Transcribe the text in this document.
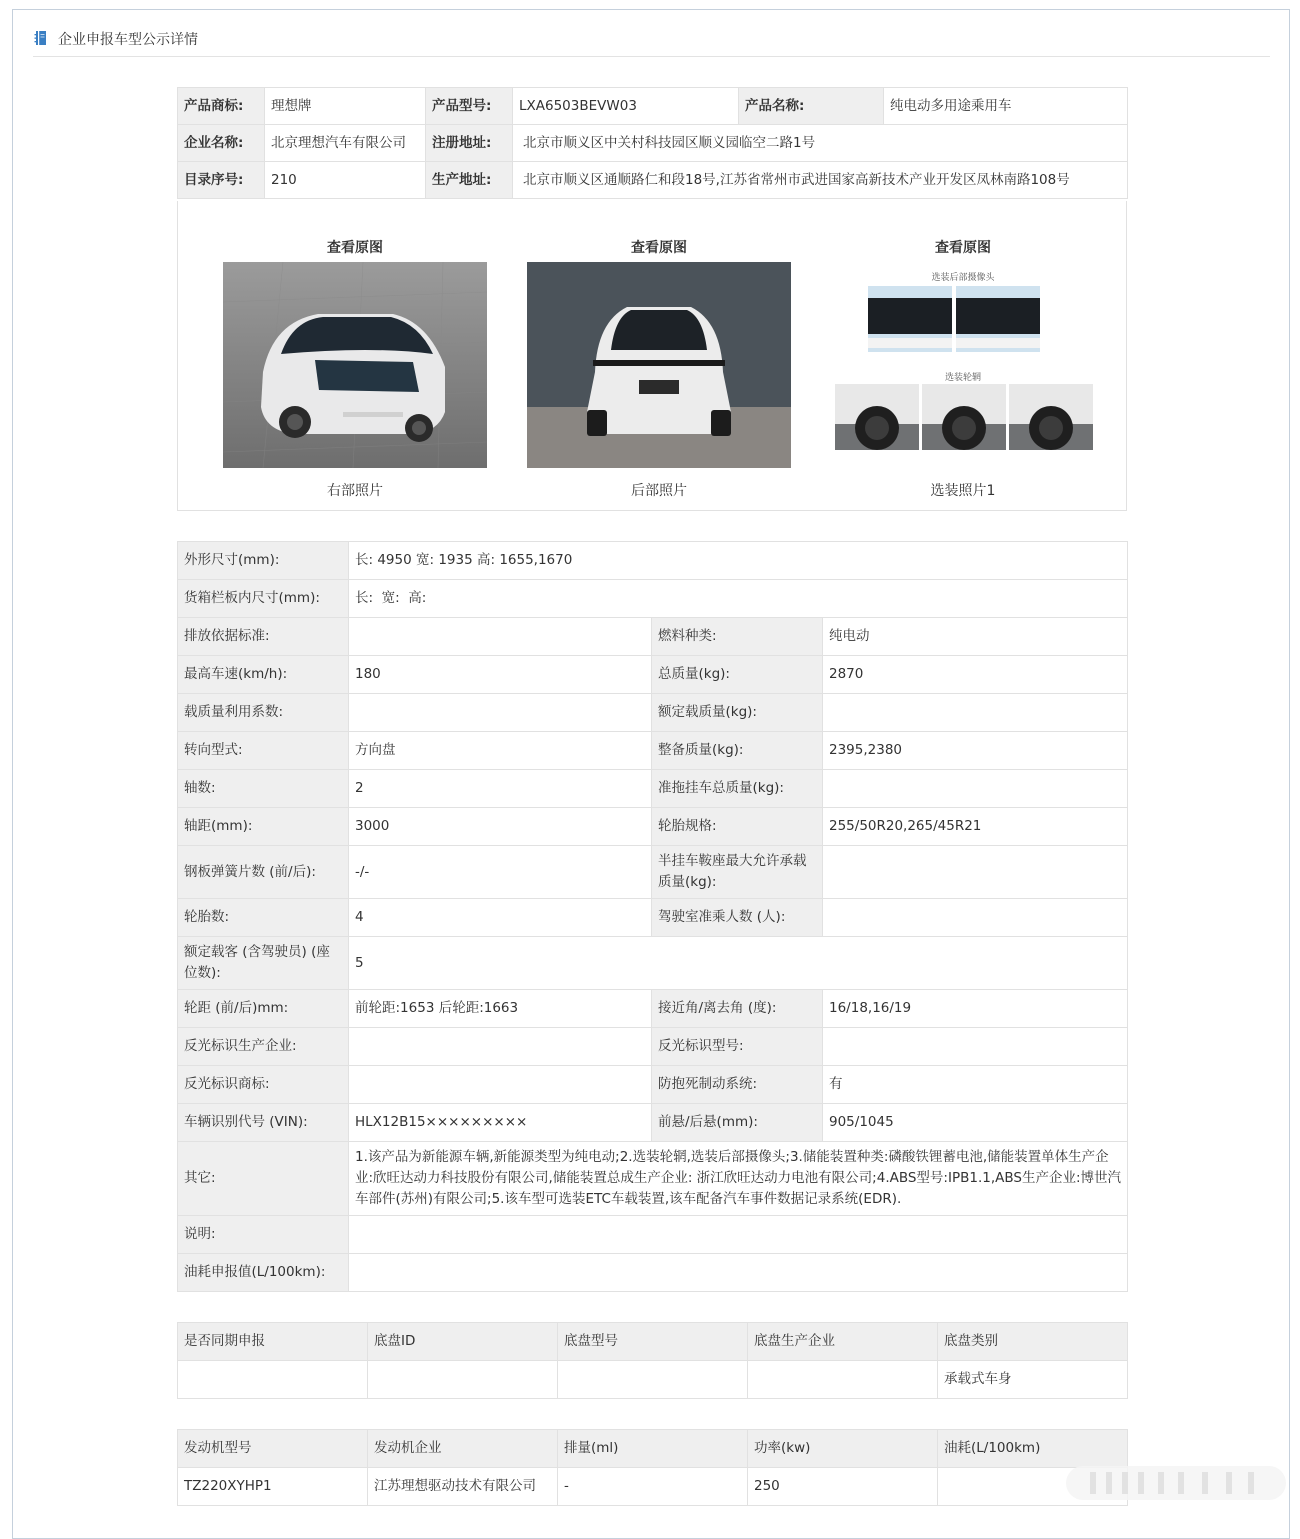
企业申报车型公示详情
产品商标:	理想牌	产品型号:	LXA6503BEVW03	产品名称:	纯电动多用途乘用车
企业名称:	北京理想汽车有限公司	注册地址:	北京市顺义区中关村科技园区顺义园临空二路1号		
目录序号:	210	生产地址:	北京市顺义区通顺路仁和段18号,江苏省常州市武进国家高新技术产业开发区凤林南路108号		
查看原图
右部照片
查看原图
后部照片
查看原图
选装后部摄像头
选装轮辋
选装照片1
外形尺寸(mm):	长: 4950 宽: 1935 高: 1655,1670		
货箱栏板内尺寸(mm):	长:  宽:  高:		
排放依据标准:		燃料种类:	纯电动
最高车速(km/h):	180	总质量(kg):	2870
载质量利用系数:		额定载质量(kg):	
转向型式:	方向盘	整备质量(kg):	2395,2380
轴数:	2	准拖挂车总质量(kg):	
轴距(mm):	3000	轮胎规格:	255/50R20,265/45R21
钢板弹簧片数 (前/后):	-/-	半挂车鞍座最大允许承载质量(kg):	
轮胎数:	4	驾驶室准乘人数 (人):	
额定载客 (含驾驶员) (座位数):	5		
轮距 (前/后)mm:	前轮距:1653 后轮距:1663	接近角/离去角 (度):	16/18,16/19
反光标识生产企业:		反光标识型号:	
反光标识商标:		防抱死制动系统:	有
车辆识别代号 (VIN):	HLX12B15×××××××××	前悬/后悬(mm):	905/1045
其它:	1.该产品为新能源车辆,新能源类型为纯电动;2.选装轮辋,选装后部摄像头;3.储能装置种类:磷酸铁锂蓄电池,储能装置单体生产企业:欣旺达动力科技股份有限公司,储能装置总成生产企业: 浙江欣旺达动力电池有限公司;4.ABS型号:IPB1.1,ABS生产企业:博世汽车部件(苏州)有限公司;5.该车型可选装ETC车载装置,该车配备汽车事件数据记录系统(EDR).		
说明:			
油耗申报值(L/100km):			
是否同期申报	底盘ID	底盘型号	底盘生产企业	底盘类别
				承载式车身
发动机型号	发动机企业	排量(ml)	功率(kw)	油耗(L/100km)
TZ220XYHP1	江苏理想驱动技术有限公司	-	250	
